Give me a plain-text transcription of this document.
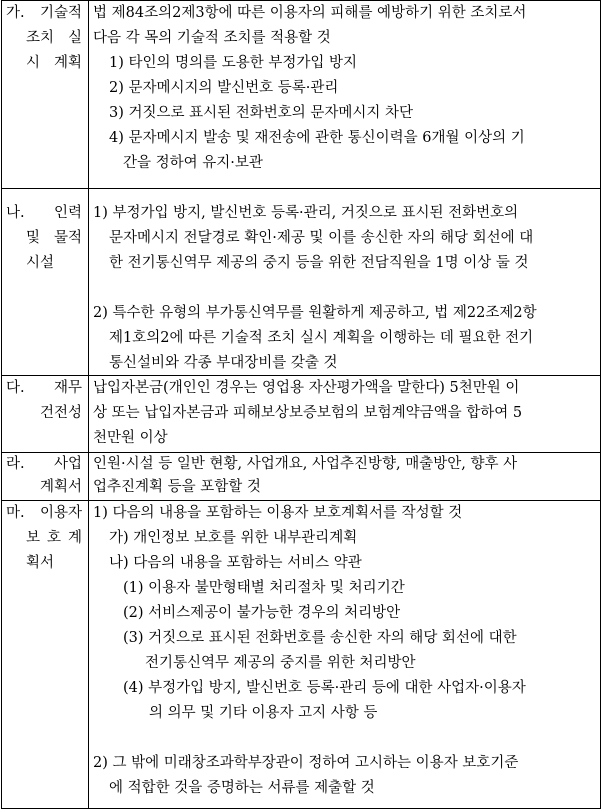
가. 기술적
조치 실
시 계획
법 제84조의2제3항에 따른 이용자의 피해를 예방하기 위한 조치로서
다음 각 목의 기술적 조치를 적용할 것
1) 타인의 명의를 도용한 부정가입 방지
2) 문자메시지의 발신번호 등록·관리
3) 거짓으로 표시된 전화번호의 문자메시지 차단
4) 문자메시지 발송 및 재전송에 관한 통신이력을 6개월 이상의 기
간을 정하여 유지·보관
나. 인력
및 물적
시설
1) 부정가입 방지, 발신번호 등록·관리, 거짓으로 표시된 전화번호의
문자메시지 전달경로 확인·제공 및 이를 송신한 자의 해당 회선에 대
한 전기통신역무 제공의 중지 등을 위한 전담직원을 1명 이상 둘 것
2) 특수한 유형의 부가통신역무를 원활하게 제공하고, 법 제22조제2항
제1호의2에 따른 기술적 조치 실시 계획을 이행하는 데 필요한 전기
통신설비와 각종 부대장비를 갖출 것
다. 재무
건전성
납입자본금(개인인 경우는 영업용 자산평가액을 말한다) 5천만원 이
상 또는 납입자본금과 피해보상보증보험의 보험계약금액을 합하여 5
천만원 이상
라. 사업
계획서
인원·시설 등 일반 현황, 사업개요, 사업추진방향, 매출방안, 향후 사
업추진계획 등을 포함할 것
마. 이용자
보 호 계
획서
1) 다음의 내용을 포함하는 이용자 보호계획서를 작성할 것
가) 개인정보 보호를 위한 내부관리계획
나) 다음의 내용을 포함하는 서비스 약관
(1) 이용자 불만형태별 처리절차 및 처리기간
(2) 서비스제공이 불가능한 경우의 처리방안
(3) 거짓으로 표시된 전화번호를 송신한 자의 해당 회선에 대한
전기통신역무 제공의 중지를 위한 처리방안
(4) 부정가입 방지, 발신번호 등록·관리 등에 대한 사업자·이용자
의 의무 및 기타 이용자 고지 사항 등
2) 그 밖에 미래창조과학부장관이 정하여 고시하는 이용자 보호기준
에 적합한 것을 증명하는 서류를 제출할 것
